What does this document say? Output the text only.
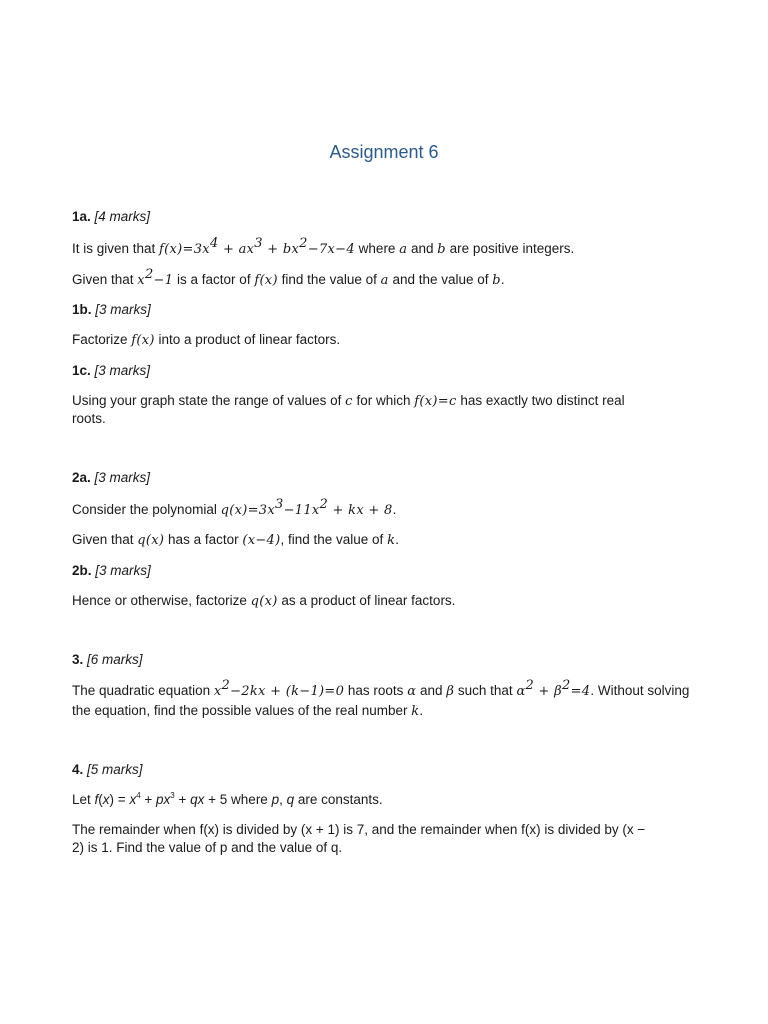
Assignment 6
1a. [4 marks]
It is given that $f(x)=3x^4 + ax^3 + bx^2-7x-4$ where a and b are positive integers.
Given that $x^2-1$ is a factor of f(x) find the value of a and the value of b.
1b. [3 marks]
Factorize f(x) into a product of linear factors.
1c. [3 marks]
Using your graph state the range of values of c for which f(x)=c has exactly two distinct real
roots.
2a. [3 marks]
Consider the polynomial $q(x)=3x^3-11x^2$ + kx + 8.
Given that q(x) has a factor (x−4), find the value of k.
2b. [3 marks]
Hence or otherwise, factorize q(x) as a product of linear factors.
3. [6 marks]
The quadratic equation $x^2-2kx + (k-1)=0$ has roots α and β such that $\alpha^2 + \beta^2=4$. Without solving
the equation, find the possible values of the real number k.
4. [5 marks]
Let $f(x) = x^4 + px^3$ + qx + 5 where p, q are constants.
The remainder when f(x) is divided by (x + 1) is 7, and the remainder when f(x) is divided by (x −
2) is 1. Find the value of p and the value of q.
